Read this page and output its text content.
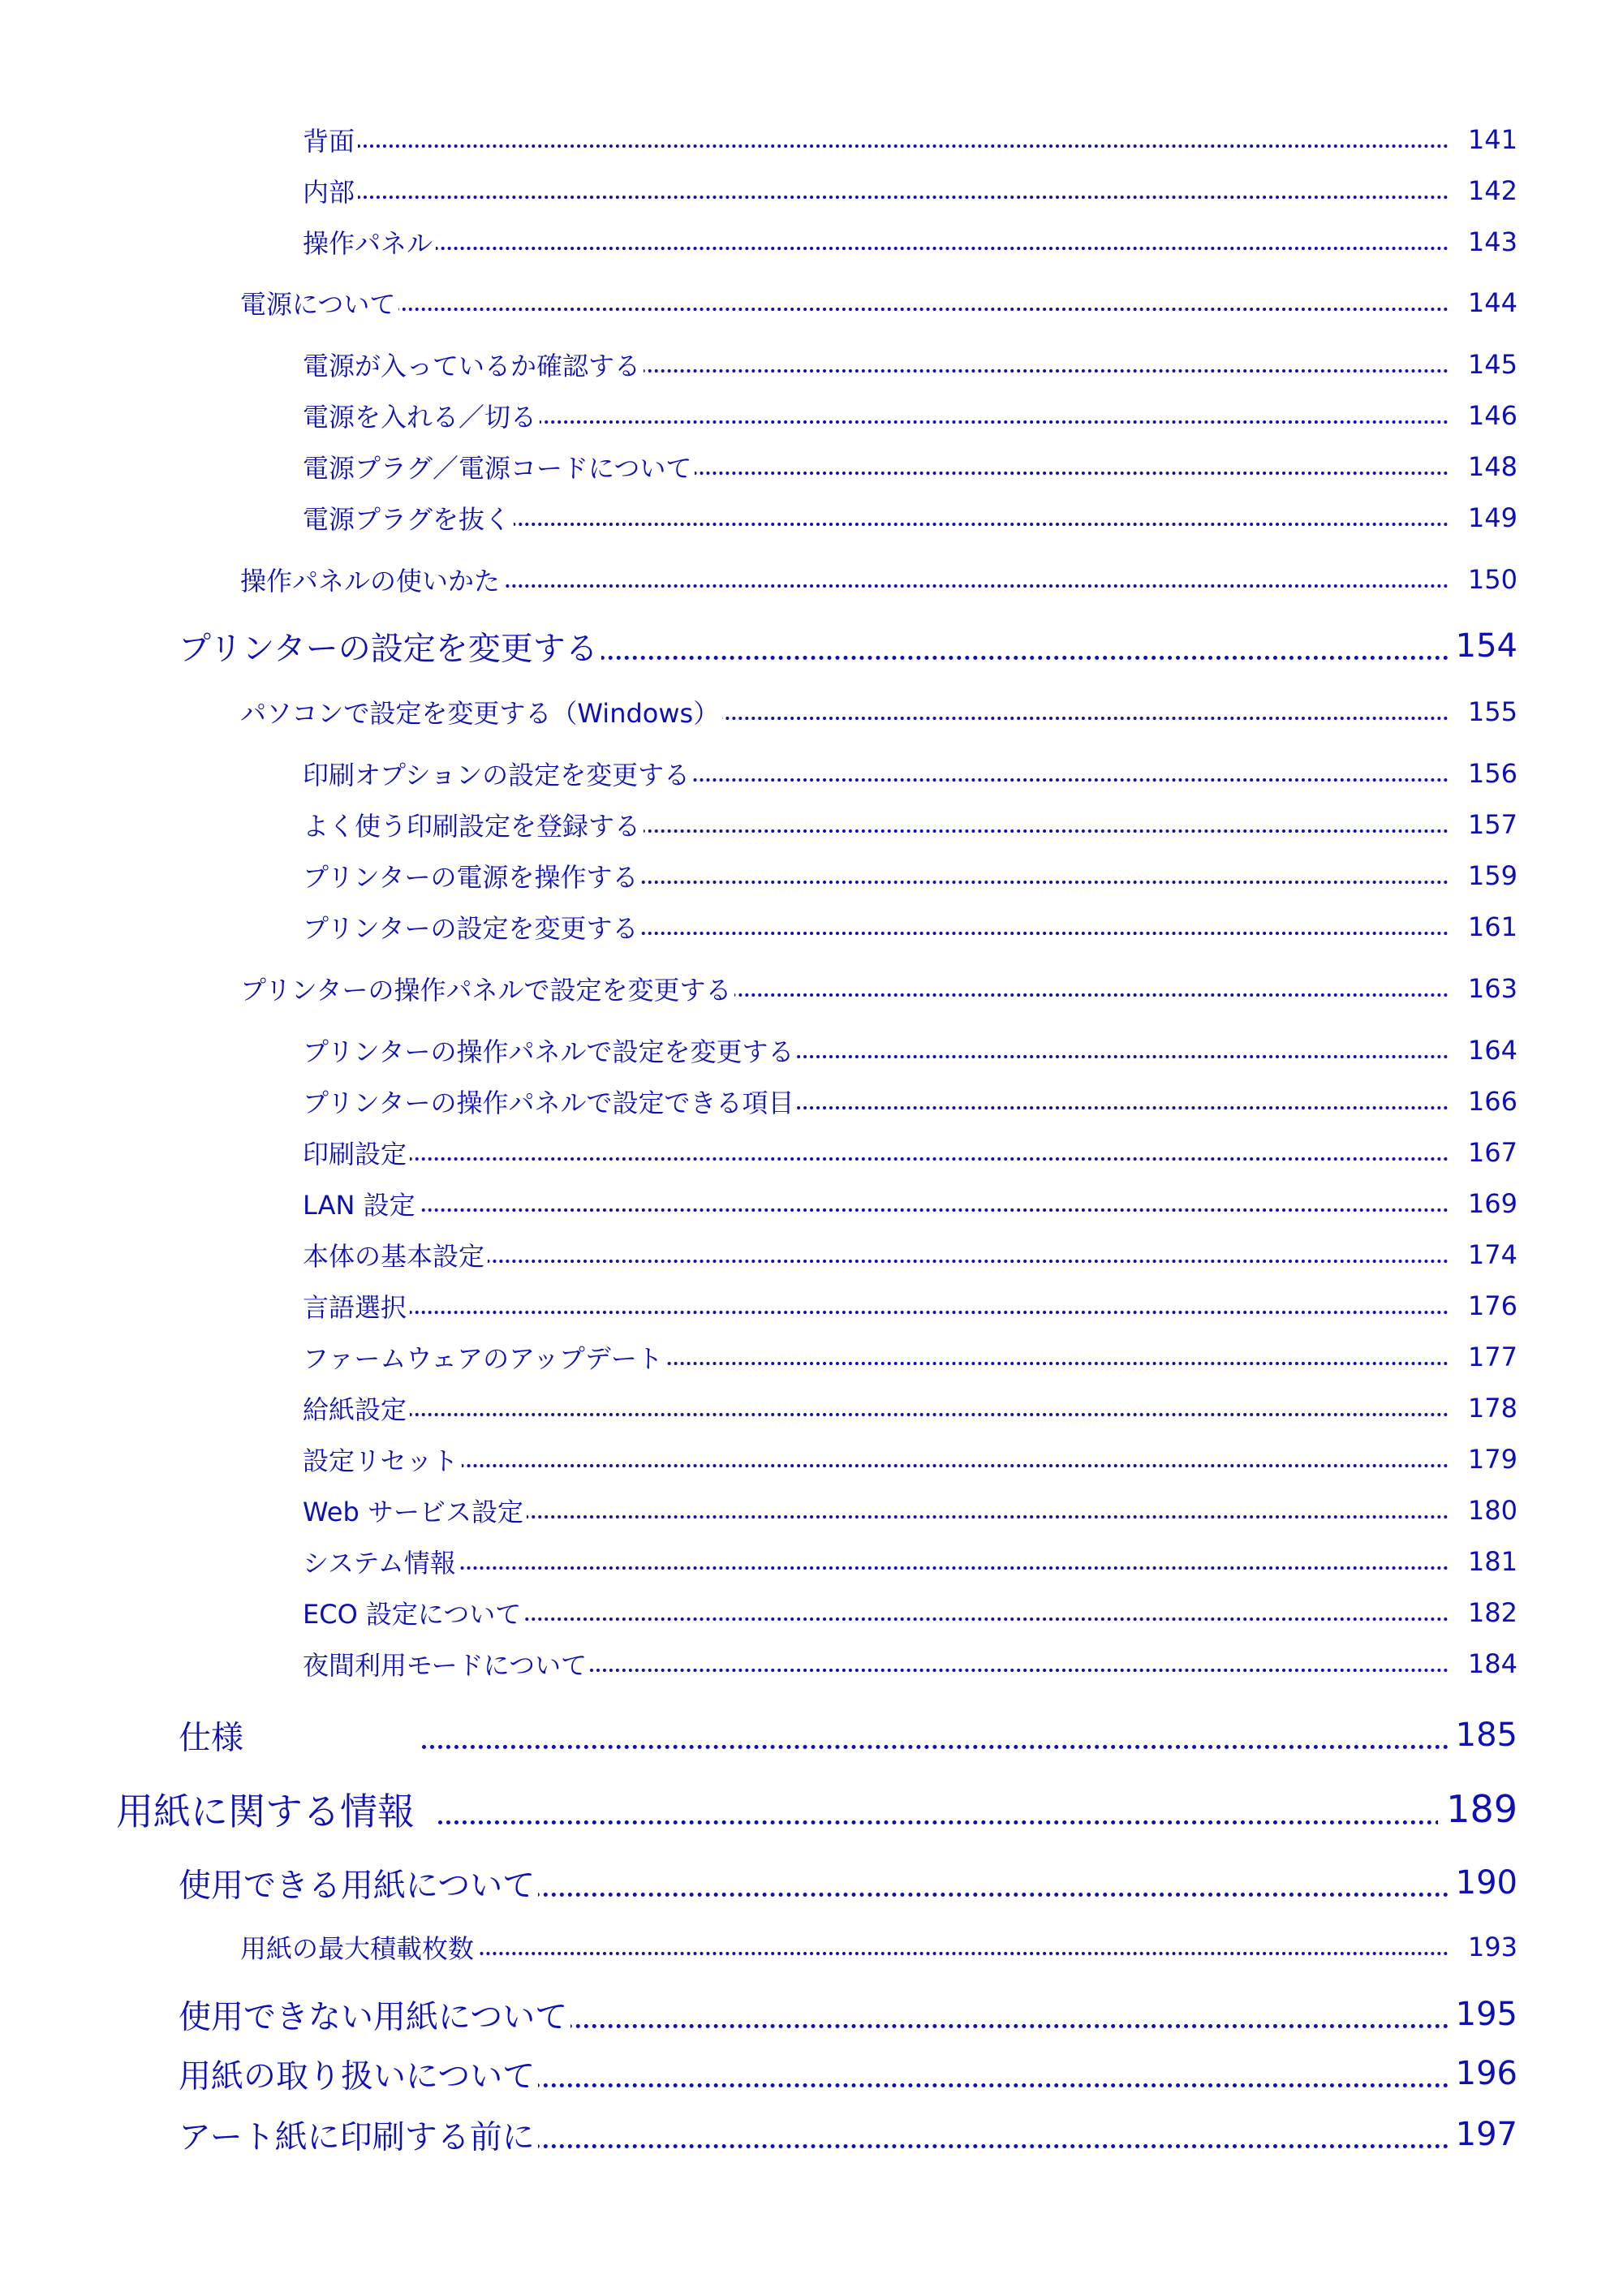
背面	141
内部	142
操作パネル	143
電源について	144
電源が入っているか確認する	145
電源を入れる／切る	146
電源プラグ／電源コードについて	148
電源プラグを抜く	149
操作パネルの使いかた	150
プリンターの設定を変更する	154
パソコンで設定を変更する（Windows）	155
印刷オプションの設定を変更する	156
よく使う印刷設定を登録する	157
プリンターの電源を操作する	159
プリンターの設定を変更する	161
プリンターの操作パネルで設定を変更する	163
プリンターの操作パネルで設定を変更する	164
プリンターの操作パネルで設定できる項目	166
印刷設定	167
LAN 設定	169
本体の基本設定	174
言語選択	176
ファームウェアのアップデート	177
給紙設定	178
設定リセット	179
Web サービス設定	180
システム情報	181
ECO 設定について	182
夜間利用モードについて	184
仕様	185
用紙に関する情報	189
使用できる用紙について	190
用紙の最大積載枚数	193
使用できない用紙について	195
用紙の取り扱いについて	196
アート紙に印刷する前に	197
